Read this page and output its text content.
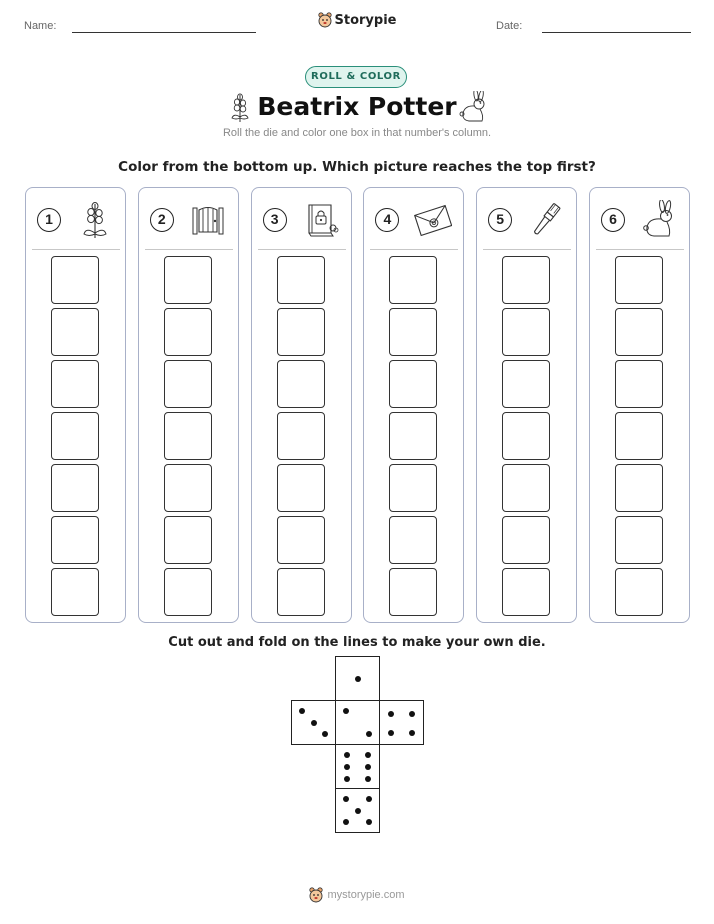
Name:	Storypie	Date:
ROLL & COLOR
Beatrix Potter
Roll the die and color one box in that number's column.
Color from the bottom up. Which picture reaches the top first?
1	2	3	4	5	6
Cut out and fold on the lines to make your own die.
mystorypie.com
